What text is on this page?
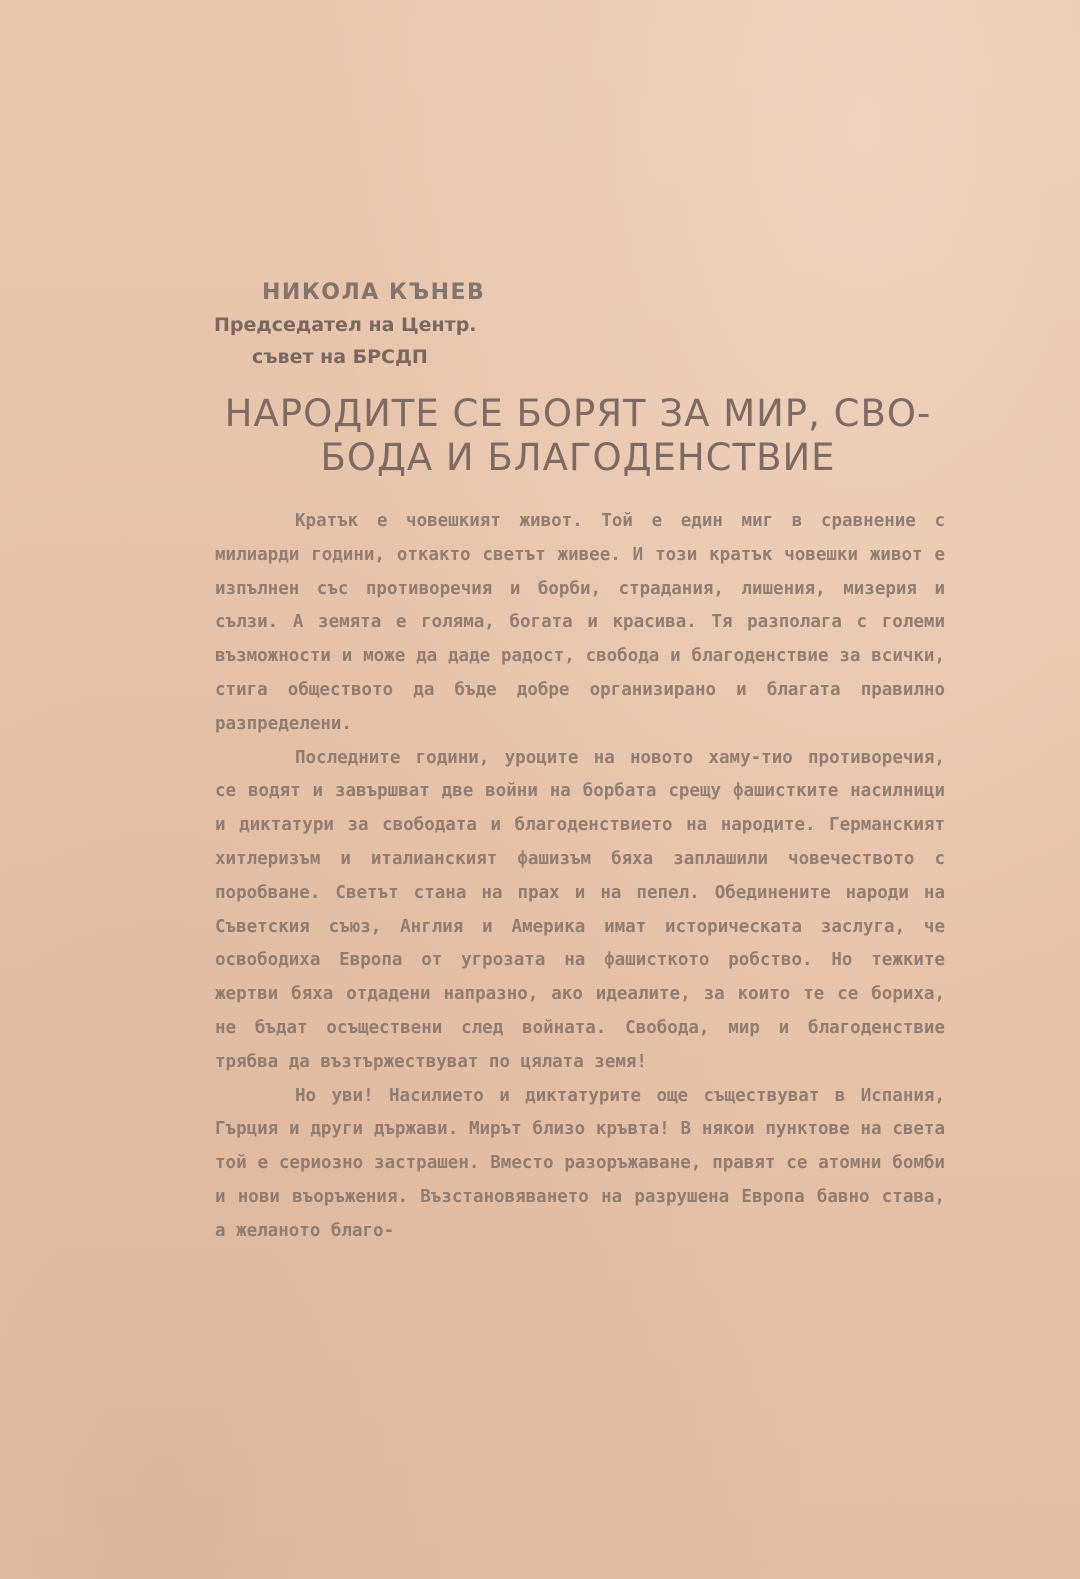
НИКОЛА КЪНЕВ
Председател на Центр.
съвет на БРСДП
НАРОДИТЕ СЕ БОРЯТ ЗА МИР, СВО-
БОДА И БЛАГОДЕНСТВИЕ

Кратък е човешкият живот. Той е един миг в сравнение с милиарди години, откакто светът живее. И този кратък човешки живот е изпълнен със противоречия и борби, страдания, лишения, мизерия и сълзи. А земята е голяма, богата и красива. Тя разполага с големи възможности и може да даде радост, свобода и благоденствие за всички, стига обществото да бъде добре организирано и благата правилно разпределени.

Последните години, уроците на новото хаму-тио противоречия, се водят и завършват две войни на борбата срещу фашистките насилници и диктатури за свободата и благоденствието на народите. Германският хитлеризъм и италианският фашизъм бяха заплашили човечеството с поробване. Светът стана на прах и на пепел. Обединените народи на Съветския съюз, Англия и Америка имат историческата заслуга, че освободиха Европа от угрозата на фашисткото робство. Но тежките жертви бяха отдадени напразно, ако идеалите, за които те се бориха, не бъдат осъществени след войната. Свобода, мир и благоденствие трябва да възтържествуват по цялата земя!

Но уви! Насилието и диктатурите още съществуват в Испания, Гърция и други държави. Мирът близо кръвта! В някои пунктове на света той е сериозно застрашен. Вместо разоръжаване, правят се атомни бомби и нови въоръжения. Възстановяването на разрушена Европа бавно става, а желаното благо-
